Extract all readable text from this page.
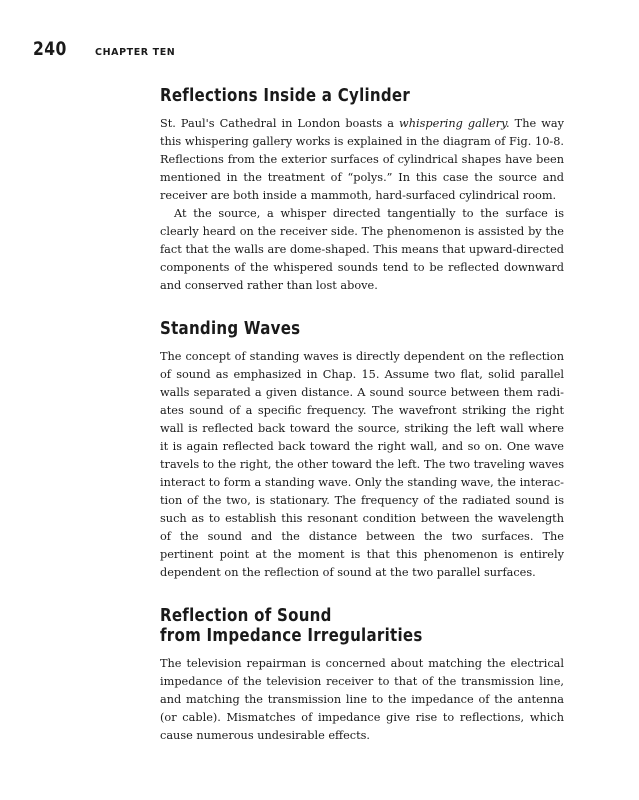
240	CHAPTER TEN
Reflections Inside a Cylinder

St. Paul's Cathedral in London boasts a whispering gallery. The way this whispering gallery works is explained in the diagram of Fig. 10-8. Reflections from the exterior surfaces of cylindrical shapes have been mentioned in the treatment of “polys.” In this case the source and receiver are both inside a mammoth, hard-surfaced cylindrical room.

At the source, a whisper directed tangentially to the surface is clearly heard on the receiver side. The phenomenon is assisted by the fact that the walls are dome-shaped. This means that upward-directed components of the whispered sounds tend to be reflected downward and conserved rather than lost above.

Standing Waves

The concept of standing waves is directly dependent on the reflection of sound as emphasized in Chap. 15. Assume two flat, solid parallel walls separated a given distance. A sound source between them radiates sound of a specific frequency. The wavefront striking the right wall is reflected back toward the source, striking the left wall where it is again reflected back toward the right wall, and so on. One wave travels to the right, the other toward the left. The two traveling waves interact to form a standing wave. Only the standing wave, the interaction of the two, is stationary. The frequency of the radiated sound is such as to establish this resonant condition between the wavelength of the sound and the distance between the two surfaces. The pertinent point at the moment is that this phenomenon is entirely dependent on the reflection of sound at the two parallel surfaces.

Reflection of Sound
from Impedance Irregularities

The television repairman is concerned about matching the electrical impedance of the television receiver to that of the transmission line, and matching the transmission line to the impedance of the antenna (or cable). Mismatches of impedance give rise to reflections, which cause numerous undesirable effects.
